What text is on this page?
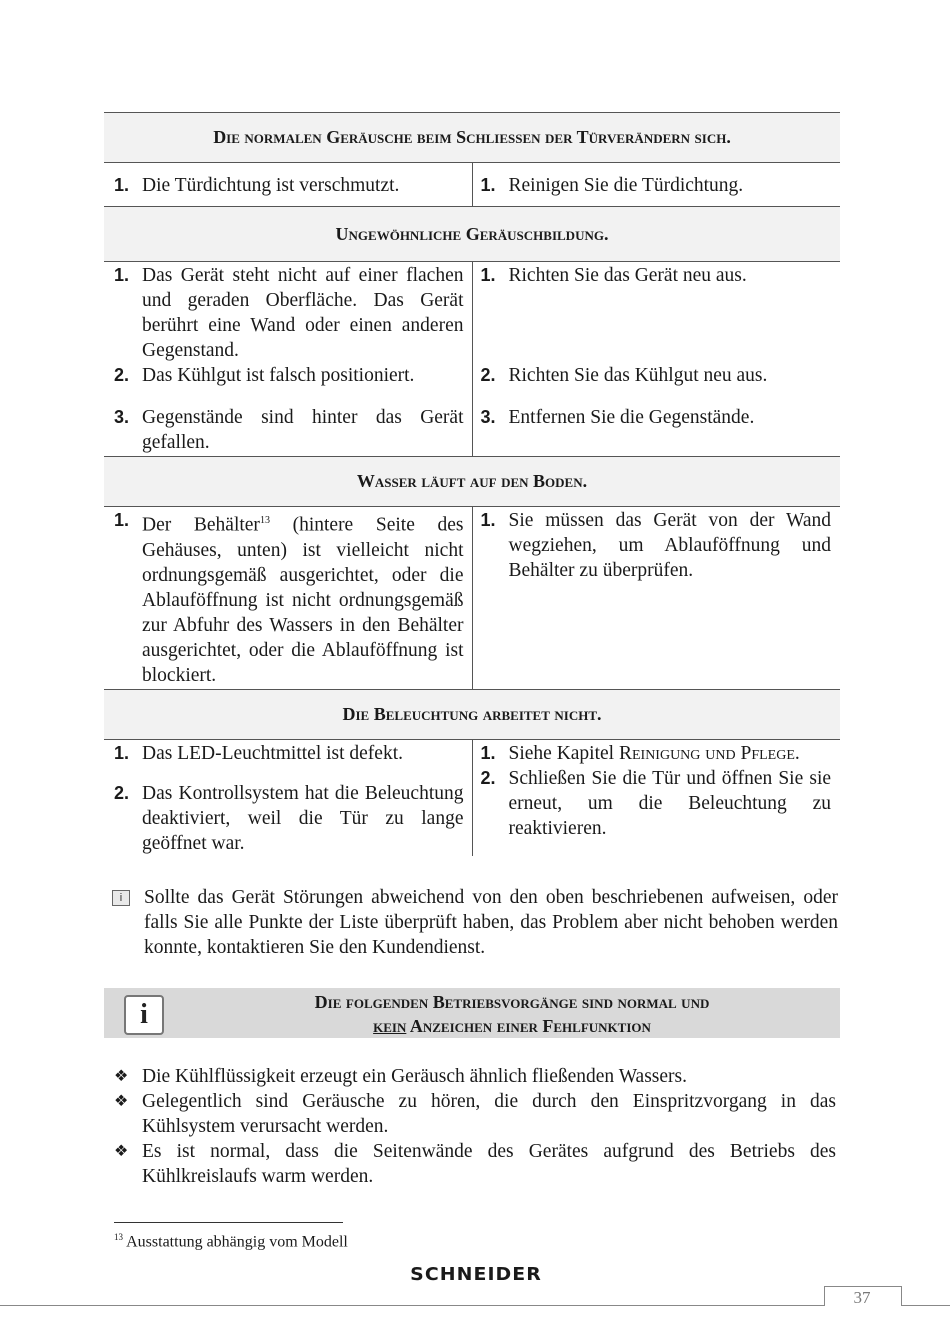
Die normalen Geräusche beim Schließen der Türverändern sich.	

1. Die Türdichtung ist verschmutzt.	1. Reinigen Sie die Türdichtung.

Ungewöhnliche Geräuschbildung.	

1. Das Gerät steht nicht auf einer flachen und geraden Oberfläche. Das Gerät berührt eine Wand oder einen anderen Gegenstand.	1. Richten Sie das Gerät neu aus.

2. Das Kühlgut ist falsch positioniert.	2. Richten Sie das Kühlgut neu aus.

3. Gegenstände sind hinter das Gerät gefallen.	3. Entfernen Sie die Gegenstände.

Wasser läuft auf den Boden.	

1. Der Behälter$^{13}$ (hintere Seite des Gehäuses, unten) ist vielleicht nicht ordnungsgemäß ausgerichtet, oder die Ablauföffnung ist nicht ordnungsgemäß zur Abfuhr des Wassers in den Behälter ausgerichtet, oder die Ablauföffnung ist blockiert.	1. Sie müssen das Gerät von der Wand wegziehen, um Ablauföffnung und Behälter zu überprüfen.

Die Beleuchtung arbeitet nicht.	

1. Das LED-Leuchtmittel ist defekt.	1. Siehe Kapitel Reinigung und Pflege.

2. Das Kontrollsystem hat die Beleuchtung deaktiviert, weil die Tür zu lange geöffnet war.	2. Schließen Sie die Tür und öffnen Sie sie erneut, um die Beleuchtung zu reaktivieren.
i	Sollte das Gerät Störungen abweichend von den oben beschriebenen aufweisen, oder falls Sie alle Punkte der Liste überprüft haben, das Problem aber nicht behoben werden konnte, kontaktieren Sie den Kundendienst.
i	Die folgenden Betriebsvorgänge sind normal und
kein Anzeichen einer Fehlfunktion
❖ Die Kühlflüssigkeit erzeugt ein Geräusch ähnlich fließenden Wassers.
❖ Gelegentlich sind Geräusche zu hören, die durch den Einspritzvorgang in das Kühlsystem verursacht werden.
❖ Es ist normal, dass die Seitenwände des Gerätes aufgrund des Betriebs des Kühlkreislaufs warm werden.
$^{13}$ Ausstattung abhängig vom Modell
SCHNEIDER
37
